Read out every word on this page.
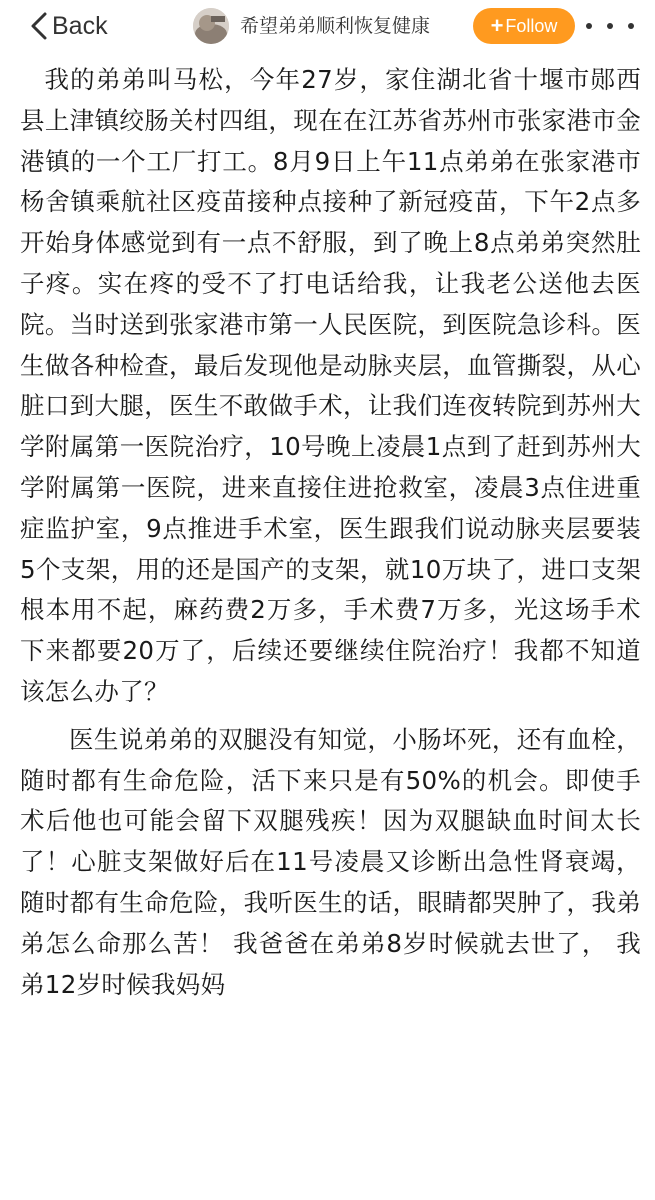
Back	希望弟弟顺利恢复健康	+ Follow

我的弟弟叫马松，今年27岁，家住湖北省十堰市郧西县上津镇绞肠关村四组，现在在江苏省苏州市张家港市金港镇的一个工厂打工。8月9日上午11点弟弟在张家港市杨舍镇乘航社区疫苗接种点接种了新冠疫苗，下午2点多开始身体感觉到有一点不舒服，到了晚上8点弟弟突然肚子疼。实在疼的受不了打电话给我，让我老公送他去医院。当时送到张家港市第一人民医院，到医院急诊科。医生做各种检查，最后发现他是动脉夹层，血管撕裂，从心脏口到大腿，医生不敢做手术，让我们连夜转院到苏州大学附属第一医院治疗，10号晚上凌晨1点到了赶到苏州大学附属第一医院，进来直接住进抢救室，凌晨3点住进重症监护室，9点推进手术室，医生跟我们说动脉夹层要装5个支架，用的还是国产的支架，就10万块了，进口支架根本用不起，麻药费2万多，手术费7万多，光这场手术下来都要20万了，后续还要继续住院治疗！我都不知道该怎么办了？

医生说弟弟的双腿没有知觉，小肠坏死，还有血栓，随时都有生命危险，活下来只是有50%的机会。即使手术后他也可能会留下双腿残疾！因为双腿缺血时间太长了！心脏支架做好后在11号凌晨又诊断出急性肾衰竭，随时都有生命危险，我听医生的话，眼睛都哭肿了，我弟弟怎么命那么苦！ 我爸爸在弟弟8岁时候就去世了， 我弟12岁时候我妈妈
